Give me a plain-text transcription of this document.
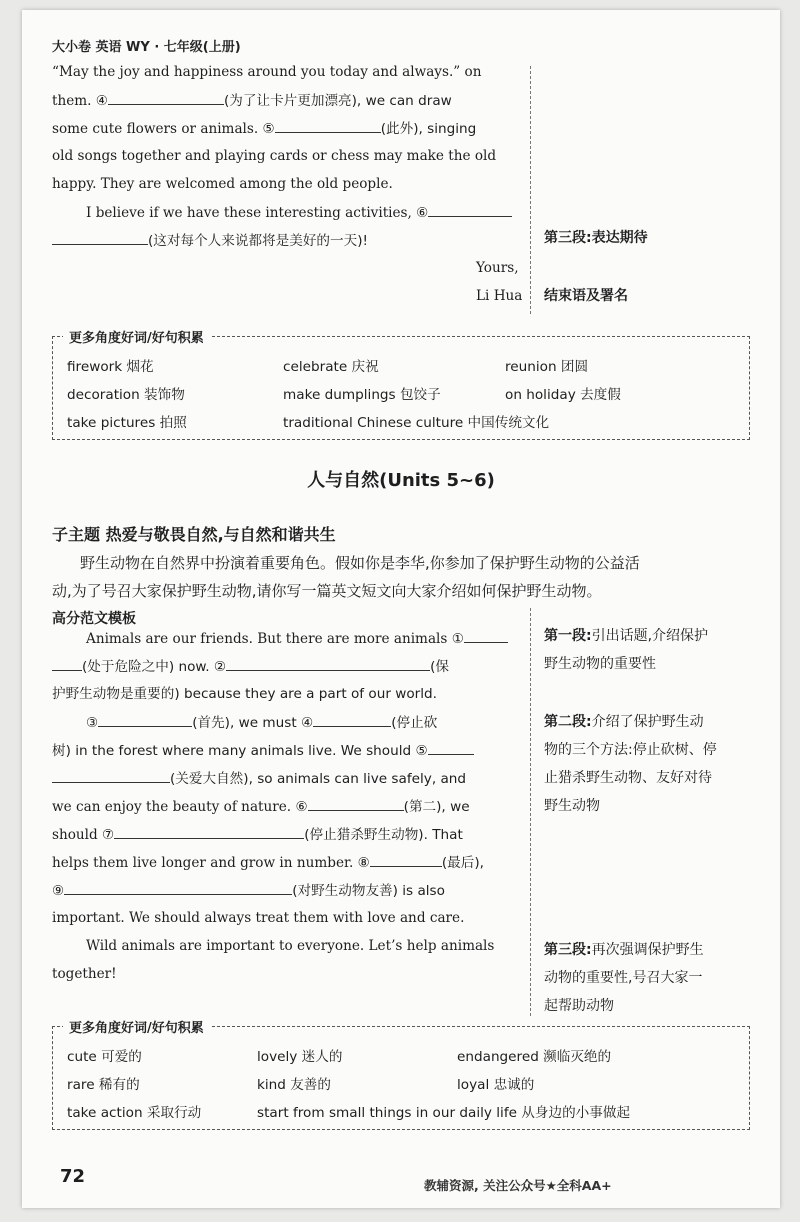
大小卷 英语 WY · 七年级(上册)
“May the joy and happiness around you today and always.” on
them. ④	(为了让卡片更加漂亮), we can draw
some cute flowers or animals. ⑤	(此外), singing
old songs together and playing cards or chess may make the old
happy. They are welcomed among the old people.
I believe if we have these interesting activities, ⑥
(这对每个人来说都将是美好的一天)!
Yours,
Li Hua
第三段:表达期待
结束语及署名
更多角度好词/好句积累
firework 烟花	celebrate 庆祝	reunion 团圆
decoration 装饰物	make dumplings 包饺子	on holiday 去度假
take pictures 拍照	traditional Chinese culture 中国传统文化
人与自然(Units 5~6)
子主题 热爱与敬畏自然,与自然和谐共生
野生动物在自然界中扮演着重要角色。假如你是李华,你参加了保护野生动物的公益活
动,为了号召大家保护野生动物,请你写一篇英文短文向大家介绍如何保护野生动物。
高分范文模板
Animals are our friends. But there are more animals ①
(处于危险之中) now. ②	(保
护野生动物是重要的) because they are a part of our world.
③	(首先), we must ④	(停止砍
树) in the forest where many animals live. We should ⑤
(关爱大自然), so animals can live safely, and
we can enjoy the beauty of nature. ⑥	(第二), we
should ⑦	(停止猎杀野生动物). That
helps them live longer and grow in number. ⑧	(最后),
⑨	(对野生动物友善) is also
important. We should always treat them with love and care.
Wild animals are important to everyone. Let’s help animals
together!
第一段:引出话题,介绍保护
野生动物的重要性
第二段:介绍了保护野生动
物的三个方法:停止砍树、停
止猎杀野生动物、友好对待
野生动物
第三段:再次强调保护野生
动物的重要性,号召大家一
起帮助动物
更多角度好词/好句积累
cute 可爱的	lovely 迷人的	endangered 濒临灭绝的
rare 稀有的	kind 友善的	loyal 忠诚的
take action 采取行动	start from small things in our daily life 从身边的小事做起
72	教辅资源, 关注公众号★全科AA+
